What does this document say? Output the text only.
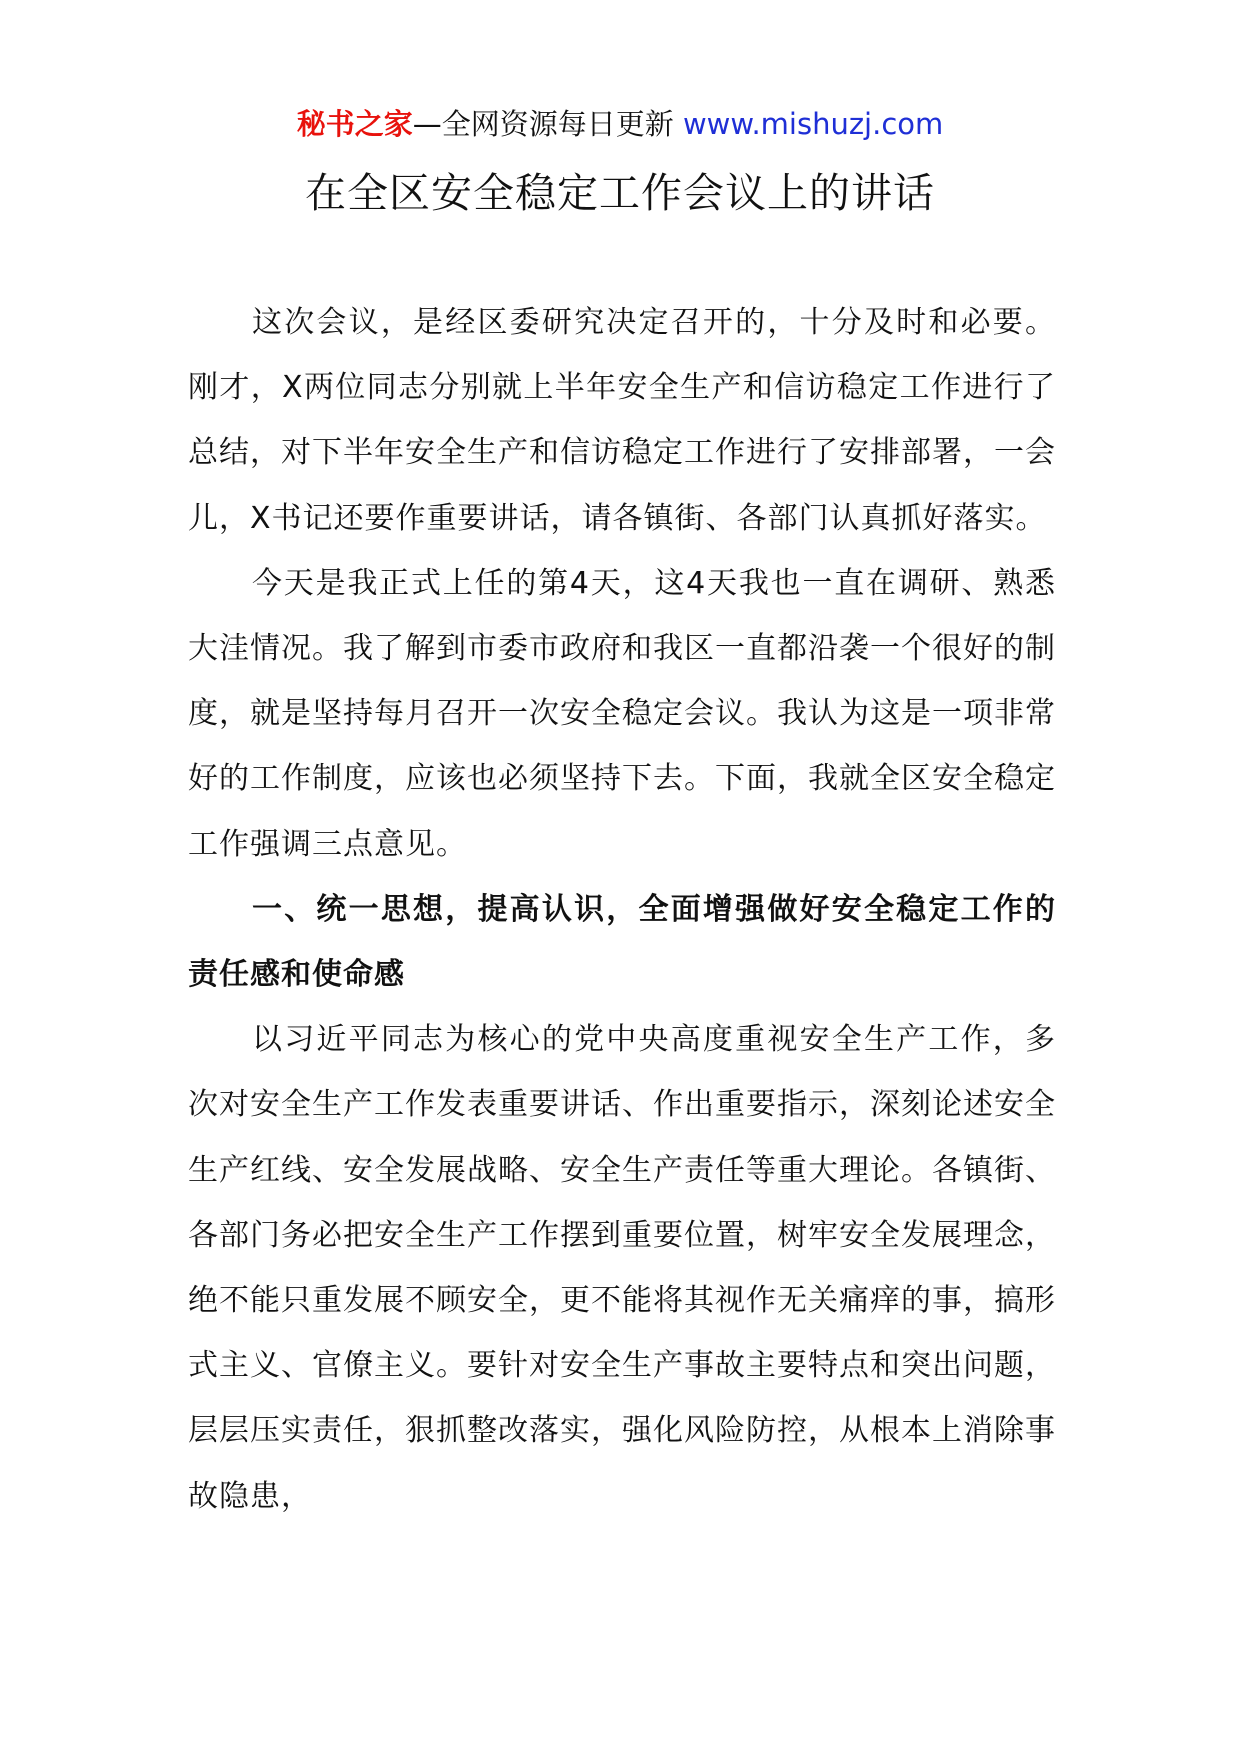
秘书之家—全网资源每日更新 www.mishuzj.com
在全区安全稳定工作会议上的讲话

这次会议，是经区委研究决定召开的，十分及时和必要。刚才，X两位同志分别就上半年安全生产和信访稳定工作进行了总结，对下半年安全生产和信访稳定工作进行了安排部署，一会儿，X书记还要作重要讲话，请各镇街、各部门认真抓好落实。

今天是我正式上任的第4天，这4天我也一直在调研、熟悉大洼情况。我了解到市委市政府和我区一直都沿袭一个很好的制度，就是坚持每月召开一次安全稳定会议。我认为这是一项非常好的工作制度，应该也必须坚持下去。下面，我就全区安全稳定工作强调三点意见。

一、统一思想，提高认识，全面增强做好安全稳定工作的责任感和使命感

以习近平同志为核心的党中央高度重视安全生产工作，多次对安全生产工作发表重要讲话、作出重要指示，深刻论述安全生产红线、安全发展战略、安全生产责任等重大理论。各镇街、各部门务必把安全生产工作摆到重要位置，树牢安全发展理念，绝不能只重发展不顾安全，更不能将其视作无关痛痒的事，搞形式主义、官僚主义。要针对安全生产事故主要特点和突出问题，层层压实责任，狠抓整改落实，强化风险防控，从根本上消除事故隐患，
